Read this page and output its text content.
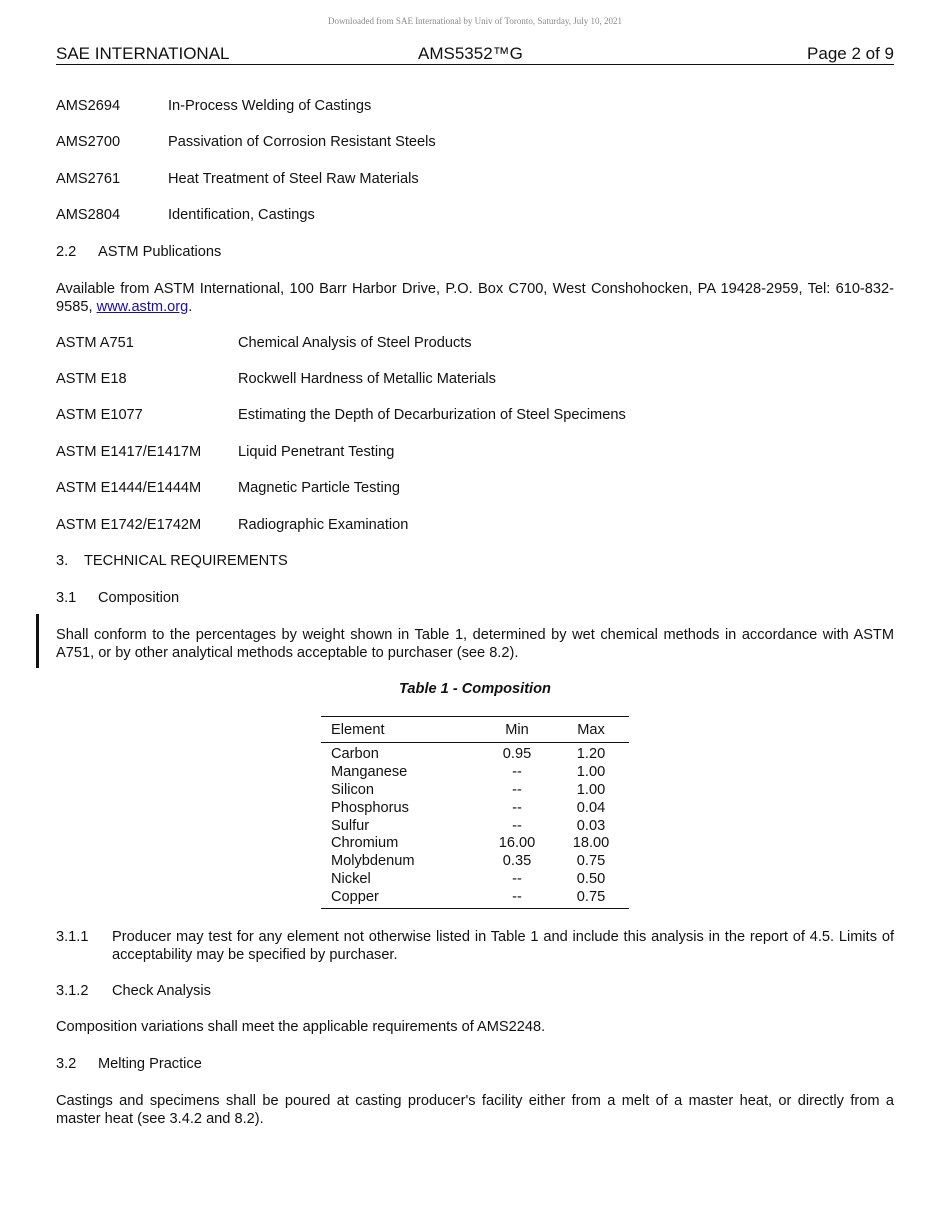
Downloaded from SAE International by Univ of Toronto, Saturday, July 10, 2021
SAE INTERNATIONAL	AMS5352™G	Page 2 of 9
AMS2694	In-Process Welding of Castings
AMS2700	Passivation of Corrosion Resistant Steels
AMS2761	Heat Treatment of Steel Raw Materials
AMS2804	Identification, Castings
2.2 ASTM Publications
Available from ASTM International, 100 Barr Harbor Drive, P.O. Box C700, West Conshohocken, PA 19428-2959, Tel: 610-832-9585, www.astm.org.
ASTM A751	Chemical Analysis of Steel Products
ASTM E18	Rockwell Hardness of Metallic Materials
ASTM E1077	Estimating the Depth of Decarburization of Steel Specimens
ASTM E1417/E1417M	Liquid Penetrant Testing
ASTM E1444/E1444M	Magnetic Particle Testing
ASTM E1742/E1742M	Radiographic Examination
3. TECHNICAL REQUIREMENTS
3.1 Composition
Shall conform to the percentages by weight shown in Table 1, determined by wet chemical methods in accordance with ASTM A751, or by other analytical methods acceptable to purchaser (see 8.2).
Table 1 - Composition
Element	Min	Max
Carbon	0.95	1.20
Manganese	--	1.00
Silicon	--	1.00
Phosphorus	--	0.04
Sulfur	--	0.03
Chromium	16.00	18.00
Molybdenum	0.35	0.75
Nickel	--	0.50
Copper	--	0.75
3.1.1 Producer may test for any element not otherwise listed in Table 1 and include this analysis in the report of 4.5. Limits of acceptability may be specified by purchaser.
3.1.2 Check Analysis
Composition variations shall meet the applicable requirements of AMS2248.
3.2 Melting Practice
Castings and specimens shall be poured at casting producer's facility either from a melt of a master heat, or directly from a master heat (see 3.4.2 and 8.2).
